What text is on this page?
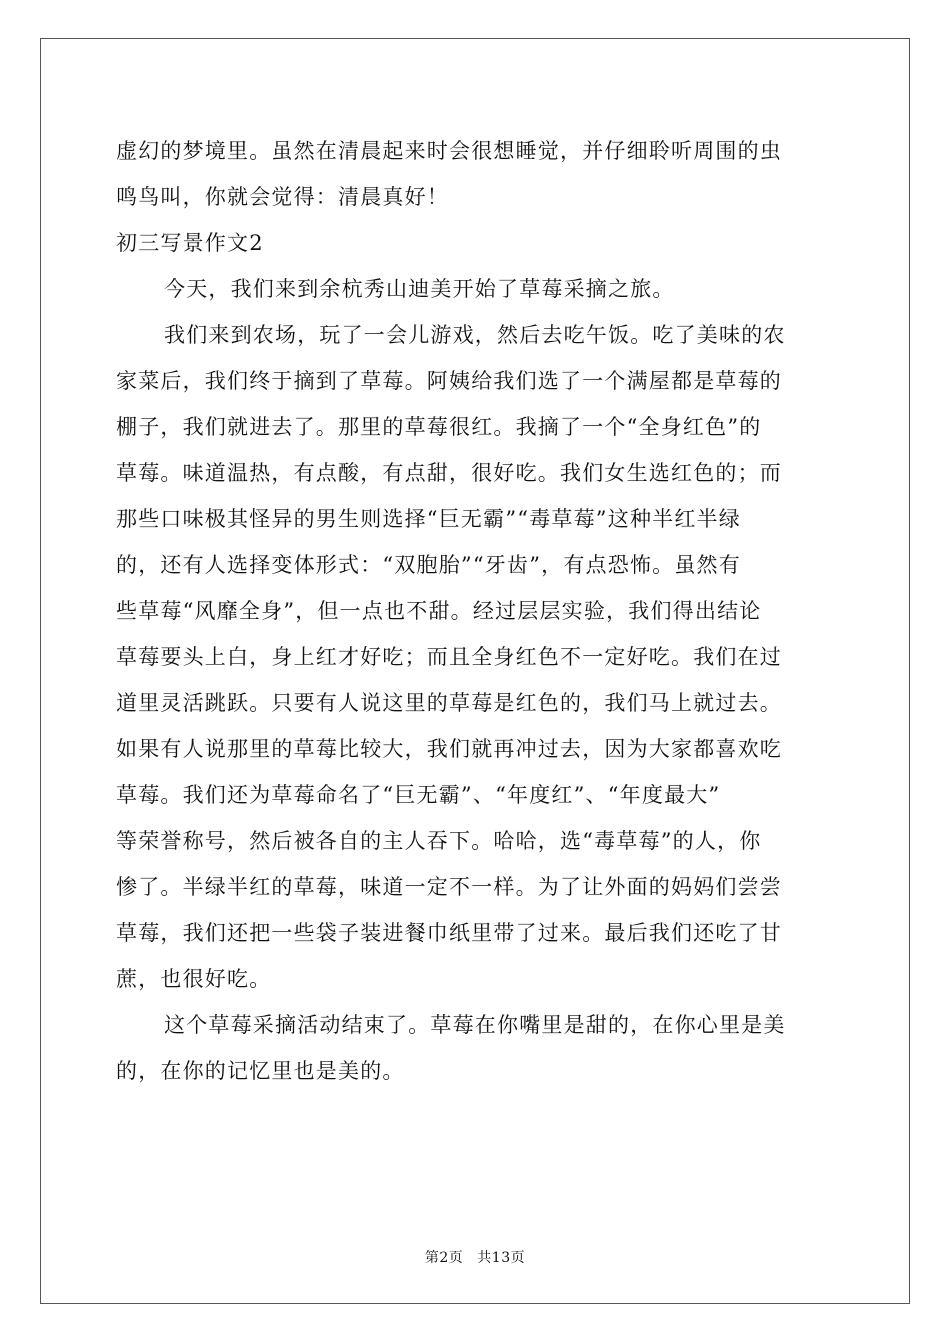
虚幻的梦境里。虽然在清晨起来时会很想睡觉，并仔细聆听周围的虫
鸣鸟叫，你就会觉得：清晨真好！
初三写景作文2
今天，我们来到余杭秀山迪美开始了草莓采摘之旅。
我们来到农场，玩了一会儿游戏，然后去吃午饭。吃了美味的农
家菜后，我们终于摘到了草莓。阿姨给我们选了一个满屋都是草莓的
棚子，我们就进去了。那里的草莓很红。我摘了一个“全身红色”的
草莓。味道温热，有点酸，有点甜，很好吃。我们女生选红色的；而
那些口味极其怪异的男生则选择“巨无霸”“毒草莓”这种半红半绿
的，还有人选择变体形式：“双胞胎”“牙齿”，有点恐怖。虽然有
些草莓“风靡全身”，但一点也不甜。经过层层实验，我们得出结论
草莓要头上白，身上红才好吃；而且全身红色不一定好吃。我们在过
道里灵活跳跃。只要有人说这里的草莓是红色的，我们马上就过去。
如果有人说那里的草莓比较大，我们就再冲过去，因为大家都喜欢吃
草莓。我们还为草莓命名了“巨无霸”、“年度红”、“年度最大”
等荣誉称号，然后被各自的主人吞下。哈哈，选“毒草莓”的人，你
惨了。半绿半红的草莓，味道一定不一样。为了让外面的妈妈们尝尝
草莓，我们还把一些袋子装进餐巾纸里带了过来。最后我们还吃了甘
蔗，也很好吃。
这个草莓采摘活动结束了。草莓在你嘴里是甜的，在你心里是美
的，在你的记忆里也是美的。
第2页 共13页
